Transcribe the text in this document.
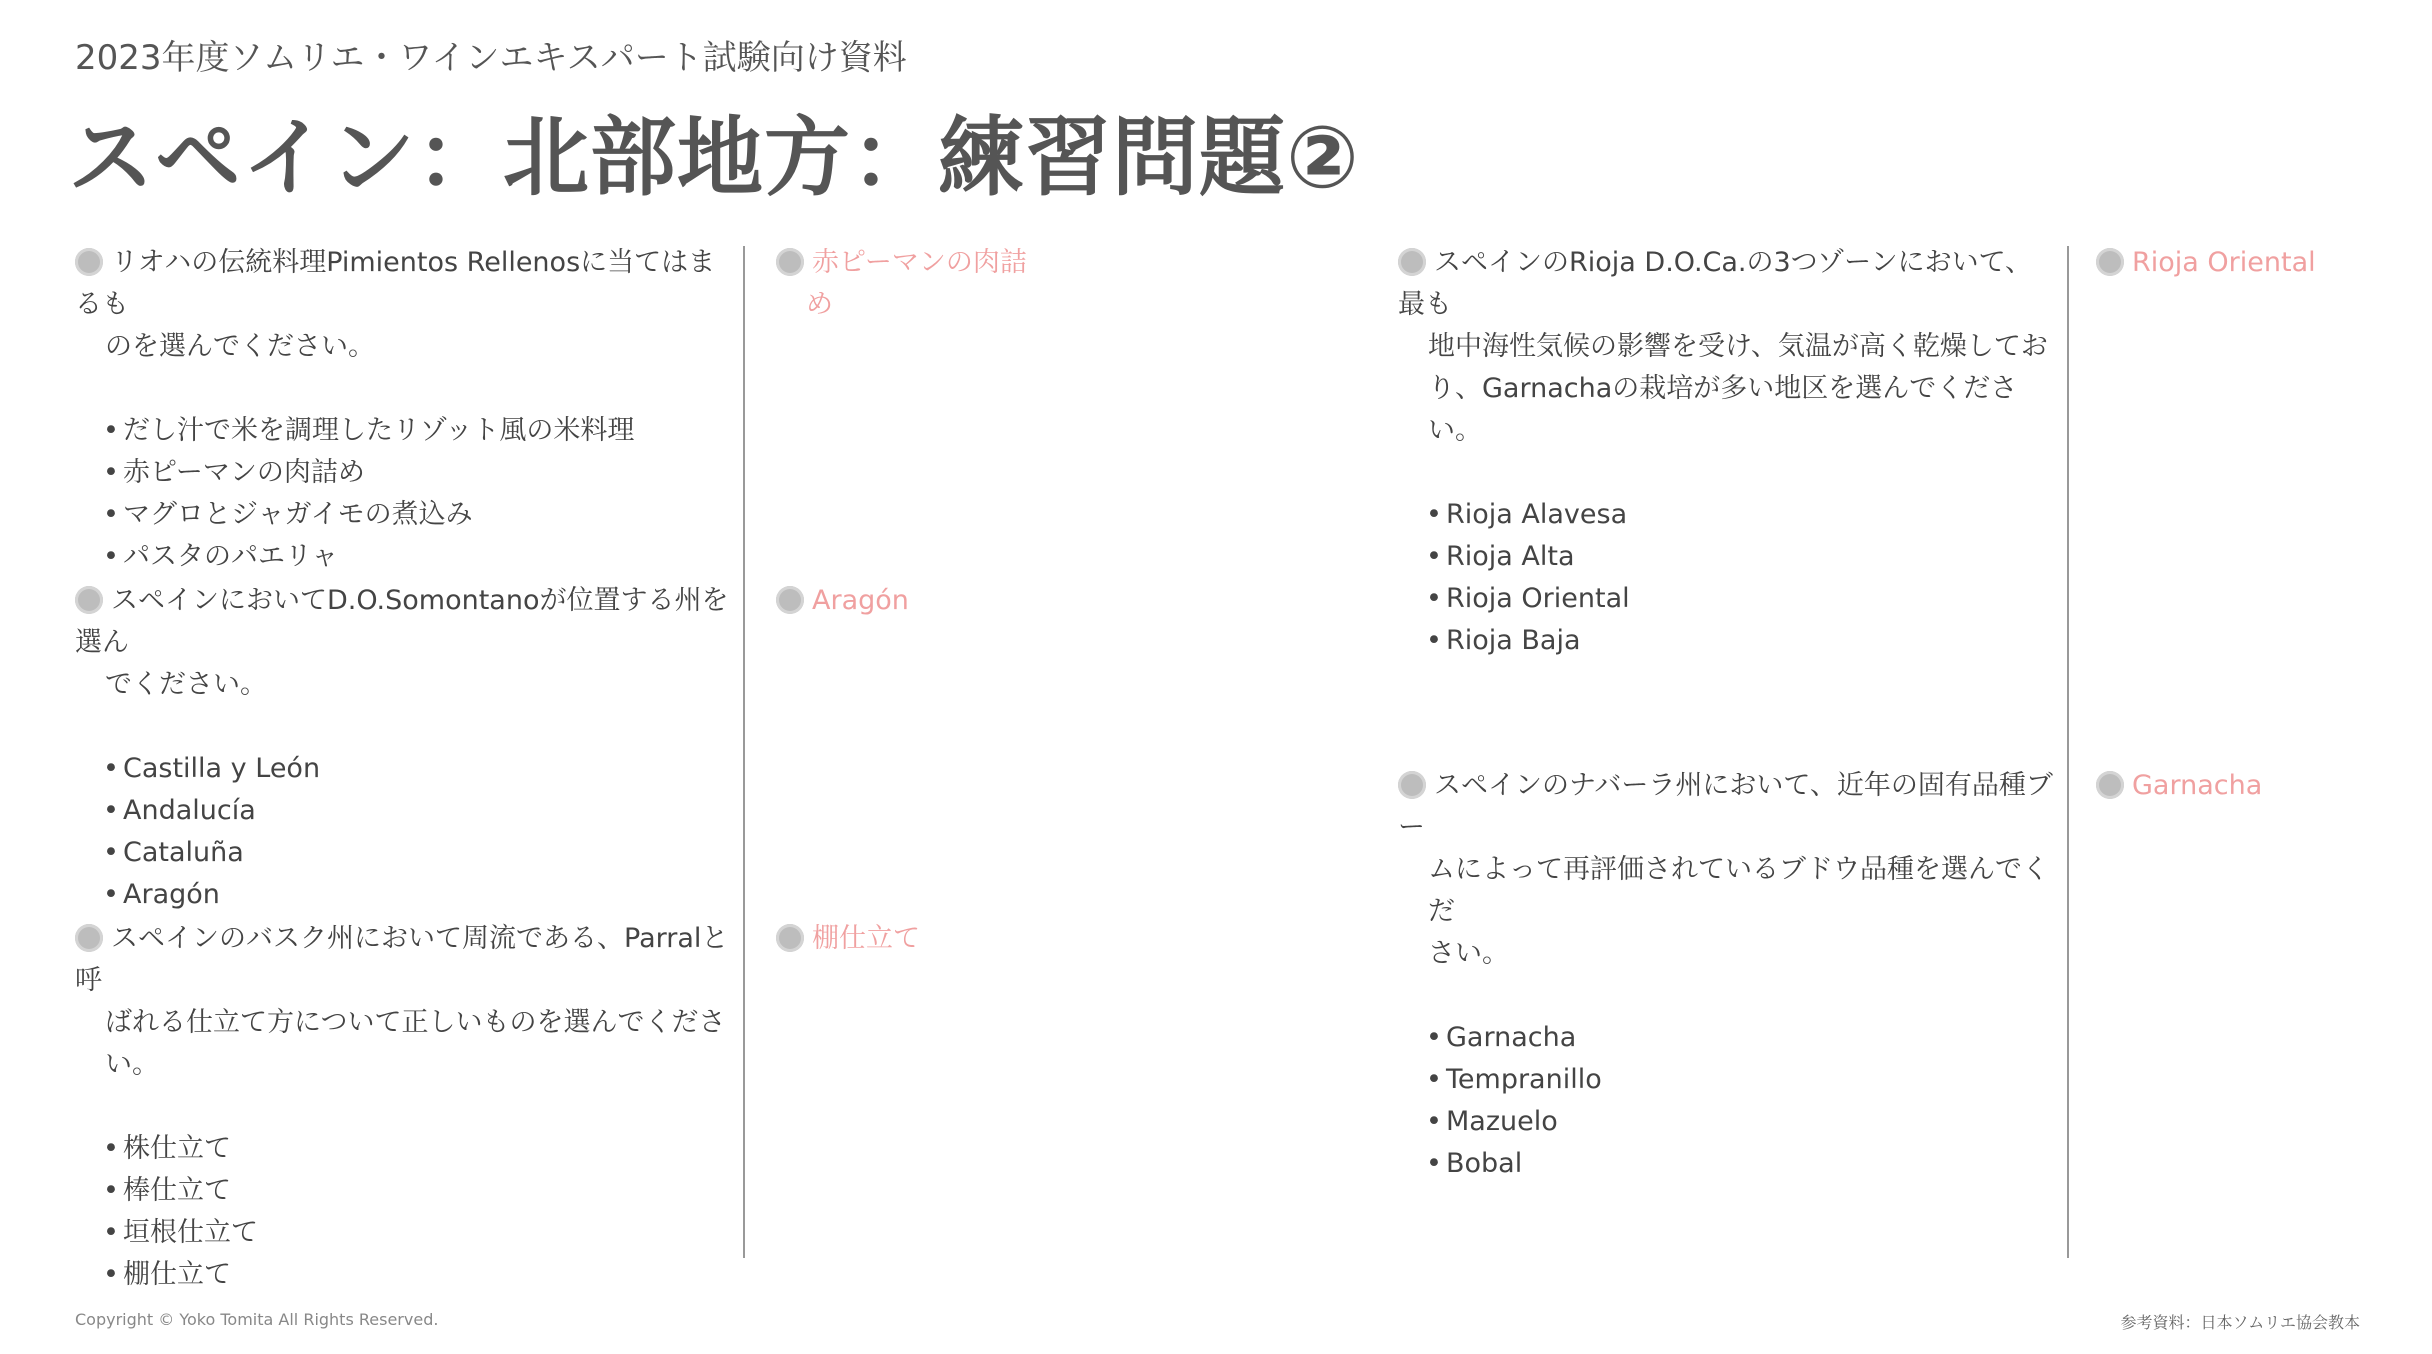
2023年度ソムリエ・ワインエキスパート試験向け資料
スペイン：北部地方：練習問題②
リオハの伝統料理Pimientos Rellenosに当てはまるも
のを選んでください。
• だし汁で米を調理したリゾット風の米料理
• 赤ピーマンの肉詰め
• マグロとジャガイモの煮込み
• パスタのパエリャ
赤ピーマンの肉詰
め
スペインにおいてD.O.Somontanoが位置する州を選ん
でください。
• Castilla y León
• Andalucía
• Cataluña
• Aragón
Aragón
スペインのバスク州において周流である、Parralと呼
ばれる仕立て方について正しいものを選んでくださ
い。
• 株仕立て
• 棒仕立て
• 垣根仕立て
• 棚仕立て
棚仕立て
スペインのRioja D.O.Ca.の3つゾーンにおいて、最も
地中海性気候の影響を受け、気温が高く乾燥してお
り、Garnachaの栽培が多い地区を選んでください。
• Rioja Alavesa
• Rioja Alta
• Rioja Oriental
• Rioja Baja
Rioja Oriental
スペインのナバーラ州において、近年の固有品種ブー
ムによって再評価されているブドウ品種を選んでくだ
さい。
• Garnacha
• Tempranillo
• Mazuelo
• Bobal
Garnacha
Copyright © Yoko Tomita All Rights Reserved.	参考資料：日本ソムリエ協会教本
